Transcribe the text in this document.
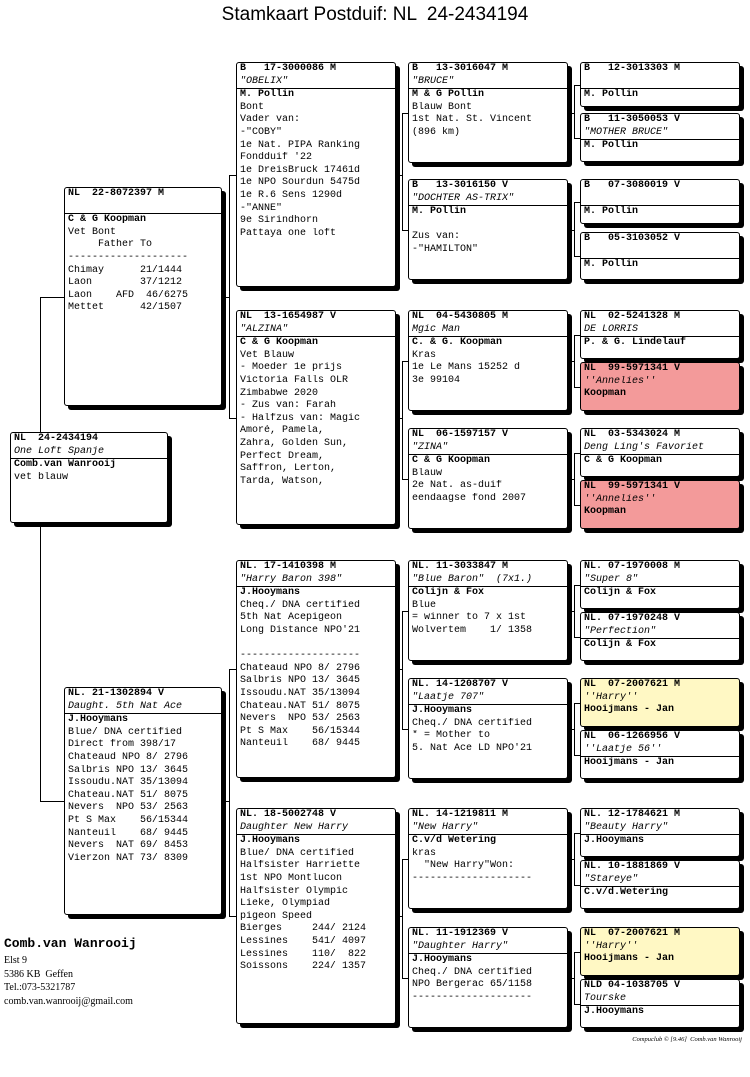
Stamkaart Postduif: NL  24-2434194
NL  24-2434194
One Loft Spanje
Comb.van Wanrooij
vet blauw
NL  22-8072397 M
C & G Koopman
Vet Bont
Father To
--------------------
Chimay      21/1444
Laon        37/1212
Laon    AFD  46/6275
Mettet      42/1507
NL. 21-1302894 V
Daught. 5th Nat Ace
J.Hooymans
Blue/ DNA certified
Direct from 398/17
Chateaud NPO 8/ 2796
Salbris NPO 13/ 3645
Issoudu.NAT 35/13094
Chateau.NAT 51/ 8075
Nevers  NPO 53/ 2563
Pt S Max    56/15344
Nanteuil    68/ 9445
Nevers  NAT 69/ 8453
Vierzon NAT 73/ 8309
B   17-3000086 M
"OBELIX"
M. Pollin
Bont
Vader van:
-"COBY"
1e Nat. PIPA Ranking
Fondduif '22
1e DreisBruck 17461d
1e NPO Sourdun 5475d
1e R.6 Sens 1290d
-"ANNE"
9e Sirindhorn
Pattaya one loft
NL  13-1654987 V
"ALZINA"
C & G Koopman
Vet Blauw
- Moeder 1e prijs
Victoria Falls OLR
Zimbabwe 2020
- Zus van: Farah
- Halfzus van: Magic
Amoré, Pamela,
Zahra, Golden Sun,
Perfect Dream,
Saffron, Lerton,
Tarda, Watson,
NL. 17-1410398 M
"Harry Baron 398"
J.Hooymans
Cheq./ DNA certified
5th Nat Acepigeon
Long Distance NPO'21
--------------------
Chateaud NPO 8/ 2796
Salbris NPO 13/ 3645
Issoudu.NAT 35/13094
Chateau.NAT 51/ 8075
Nevers  NPO 53/ 2563
Pt S Max    56/15344
Nanteuil    68/ 9445
NL. 18-5002748 V
Daughter New Harry
J.Hooymans
Blue/ DNA certified
Halfsister Harriette
1st NPO Montlucon
Halfsister Olympic
Lieke, Olympiad
pigeon Speed
Bierges     244/ 2124
Lessines    541/ 4097
Lessines    110/  822
Soissons    224/ 1357
B   13-3016047 M
"BRUCE"
M & G Pollin
Blauw Bont
1st Nat. St. Vincent
(896 km)
B   13-3016150 V
"DOCHTER AS-TRIX"
M. Pollin
Zus van:
-"HAMILTON"
NL  04-5430805 M
Mgic Man
C. & G. Koopman
Kras
1e Le Mans 15252 d
3e 99104
NL  06-1597157 V
"ZINA"
C & G Koopman
Blauw
2e Nat. as-duif
eendaagse fond 2007
NL. 11-3033847 M
"Blue Baron"  (7x1.)
Colijn & Fox
Blue
= winner to 7 x 1st
Wolvertem    1/ 1358
NL. 14-1208707 V
"Laatje 707"
J.Hooymans
Cheq./ DNA certified
* = Mother to
5. Nat Ace LD NPO'21
NL. 14-1219811 M
"New Harry"
C.v/d Wetering
kras
"New Harry"Won:
--------------------
NL. 11-1912369 V
"Daughter Harry"
J.Hooymans
Cheq./ DNA certified
NPO Bergerac 65/1158
--------------------
B   12-3013303 M
M. Pollin
B   11-3050053 V
"MOTHER BRUCE"
M. Pollin
B   07-3080019 V
M. Pollin
B   05-3103052 V
M. Pollin
NL  02-5241328 M
DE LORRIS
P. & G. Lindelauf
NL  99-5971341 V
''Annelies''
Koopman
NL  03-5343024 M
Deng Ling's Favoriet
C & G Koopman
NL  99-5971341 V
''Annelies''
Koopman
NL. 07-1970008 M
"Super 8"
Colijn & Fox
NL. 07-1970248 V
"Perfection"
Colijn & Fox
NL  07-2007621 M
''Harry''
Hooijmans - Jan
NL  06-1266956 V
''Laatje 56''
Hooijmans - Jan
NL. 12-1784621 M
"Beauty Harry"
J.Hooymans
NL. 10-1881869 V
"Stareye"
C.v/d.Wetering
NL  07-2007621 M
''Harry''
Hooijmans - Jan
NLD 04-1038705 V
Tourske
J.Hooymans
Comb.van Wanrooij
Elst 9
5386 KB  Geffen
Tel.:073-5321787
comb.van.wanrooij@gmail.com
Compuclub © [9.46]  Comb.van Wanrooij
